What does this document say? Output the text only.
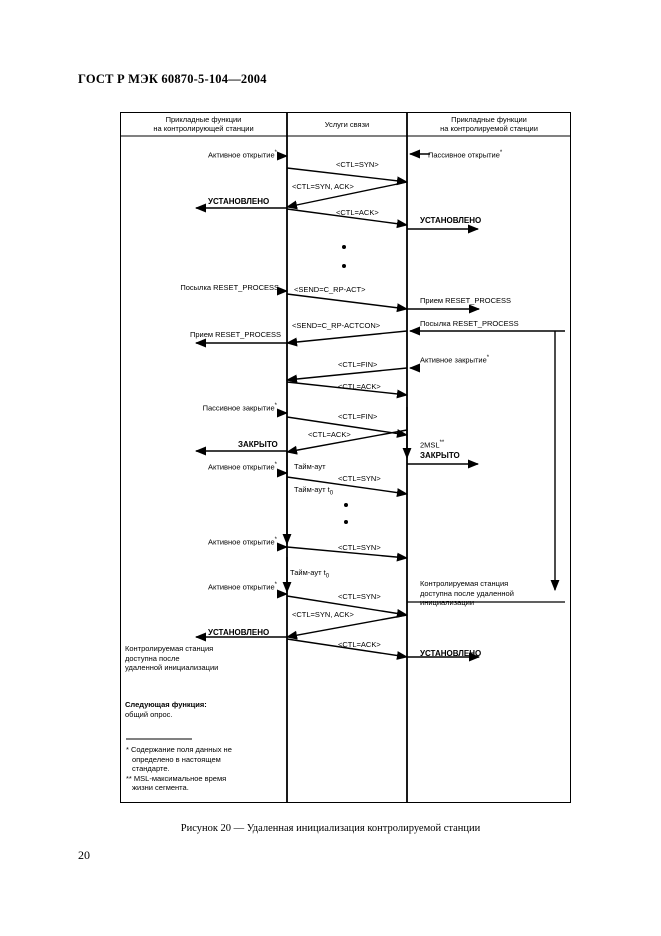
ГОСТ Р МЭК 60870-5-104—2004
Прикладные функции
на контролирующей станции	Услуги связи	Прикладные функции
на контролируемой станции
Активное открытие*
УСТАНОВЛЕНО
Посылка RESET_PROCESS
Прием RESET_PROCESS
Пассивное закрытие*
ЗАКРЫТО
Активное открытие*
Активное открытие*
Активное открытие*
УСТАНОВЛЕНО
Контролируемая станция
доступна после
удаленной инициализации
Следующая функция:
общий опрос.
* Содержание поля данных не
определено в настоящем
стандарте.
** MSL-максимальное время
жизни сегмента.
<CTL=SYN>
<CTL=SYN, ACK>
<CTL=ACK>
<SEND=C_RP-ACT>
<SEND=C_RP-ACTCON>
<CTL=FIN>
<CTL=ACK>
<CTL=FIN>
<CTL=ACK>
Тайм-аут
<CTL=SYN>
Тайм-аут $t_0$
<CTL=SYN>
Тайм-аут $t_0$
<CTL=SYN>
<CTL=SYN, ACK>
<CTL=ACK>
Пассивное открытие*
УСТАНОВЛЕНО
Прием RESET_PROCESS
Посылка RESET_PROCESS
Активное закрытие*
2MSL**
ЗАКРЫТО
Контролируемая станция
доступна после удаленной
инициализации
УСТАНОВЛЕНО
Рисунок 20 — Удаленная инициализация контролируемой станции
20
